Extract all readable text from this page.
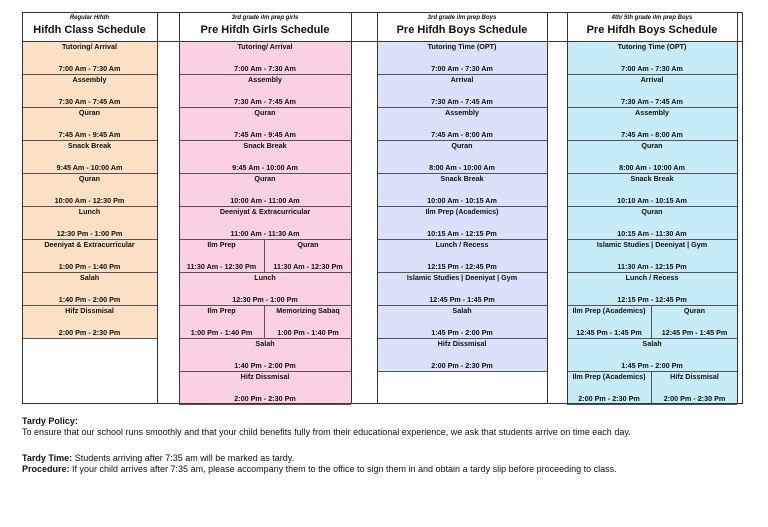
Regular Hifdh
Hifdh Class Schedule
Tutoring/ Arrival
7:00 Am - 7:30 Am
Assembly
7:30 Am - 7:45 Am
Quran
7:45 Am - 9:45 Am
Snack Break
9:45 Am - 10:00 Am
Quran
10:00 Am - 12:30 Pm
Lunch
12:30 Pm - 1:00 Pm
Deeniyat & Extracurricular
1:00 Pm - 1:40 Pm
Salah
1:40 Pm - 2:00 Pm
Hifz Dissmisal
2:00 Pm - 2:30 Pm
3rd grade ilm prep girls
Pre Hifdh Girls Schedule
Tutoring/ Arrival
7:00 Am - 7:30 Am
Assembly
7:30 Am - 7:45 Am
Quran
7:45 Am - 9:45 Am
Snack Break
9:45 Am - 10:00 Am
Quran
10:00 Am - 11:00 Am
Deeniyat & Extracurricular
11:00 Am - 11:30 Am
Ilm Prep
11:30 Am - 12:30 Pm
Quran
11:30 Am - 12:30 Pm
Lunch
12:30 Pm - 1:00 Pm
Ilm Prep
1:00 Pm - 1:40 Pm
Memorizing Sabaq
1:00 Pm - 1:40 Pm
Salah
1:40 Pm - 2:00 Pm
Hifz Dissmisal
2:00 Pm - 2:30 Pm
3rd grade ilm prep Boys
Pre Hifdh Boys Schedule
Tutoring Time (OPT)
7:00 Am - 7:30 Am
Arrival
7:30 Am - 7:45 Am
Assembly
7:45 Am - 8:00 Am
Quran
8:00 Am - 10:00 Am
Snack Break
10:00 Am - 10:15 Am
Ilm Prep (Academics)
10:15 Am - 12:15 Pm
Lunch / Recess
12:15 Pm - 12:45 Pm
Islamic Studies | Deeniyat | Gym
12:45 Pm - 1:45 Pm
Salah
1:45 Pm - 2:00 Pm
Hifz Dissmisal
2:00 Pm - 2:30 Pm
4th/ 5th grade ilm prep Boys
Pre Hifdh Boys Schedule
Tutoring Time (OPT)
7:00 Am - 7:30 Am
Arrival
7:30 Am - 7:45 Am
Assembly
7:45 Am - 8:00 Am
Quran
8:00 Am - 10:00 Am
Snack Break
10:10 Am - 10:15 Am
Quran
10:15 Am - 11:30 Am
Islamic Studies | Deeniyat | Gym
11:30 Am - 12:15 Pm
Lunch / Recess
12:15 Pm - 12:45 Pm
Ilm Prep (Academics)
12:45 Pm - 1:45 Pm
Quran
12:45 Pm - 1:45 Pm
Salah
1:45 Pm - 2:00 Pm
Ilm Prep (Academics)
2:00 Pm - 2:30 Pm
Hifz Dissmisal
2:00 Pm - 2:30 Pm
Tardy Policy:
To ensure that our school runs smoothly and that your child benefits fully from their educational experience, we ask that students arrive on time each day.
Tardy Time: Students arriving after 7:35 am will be marked as tardy.
Procedure: If your child arrives after 7:35 am, please accompany them to the office to sign them in and obtain a tardy slip before proceeding to class.
